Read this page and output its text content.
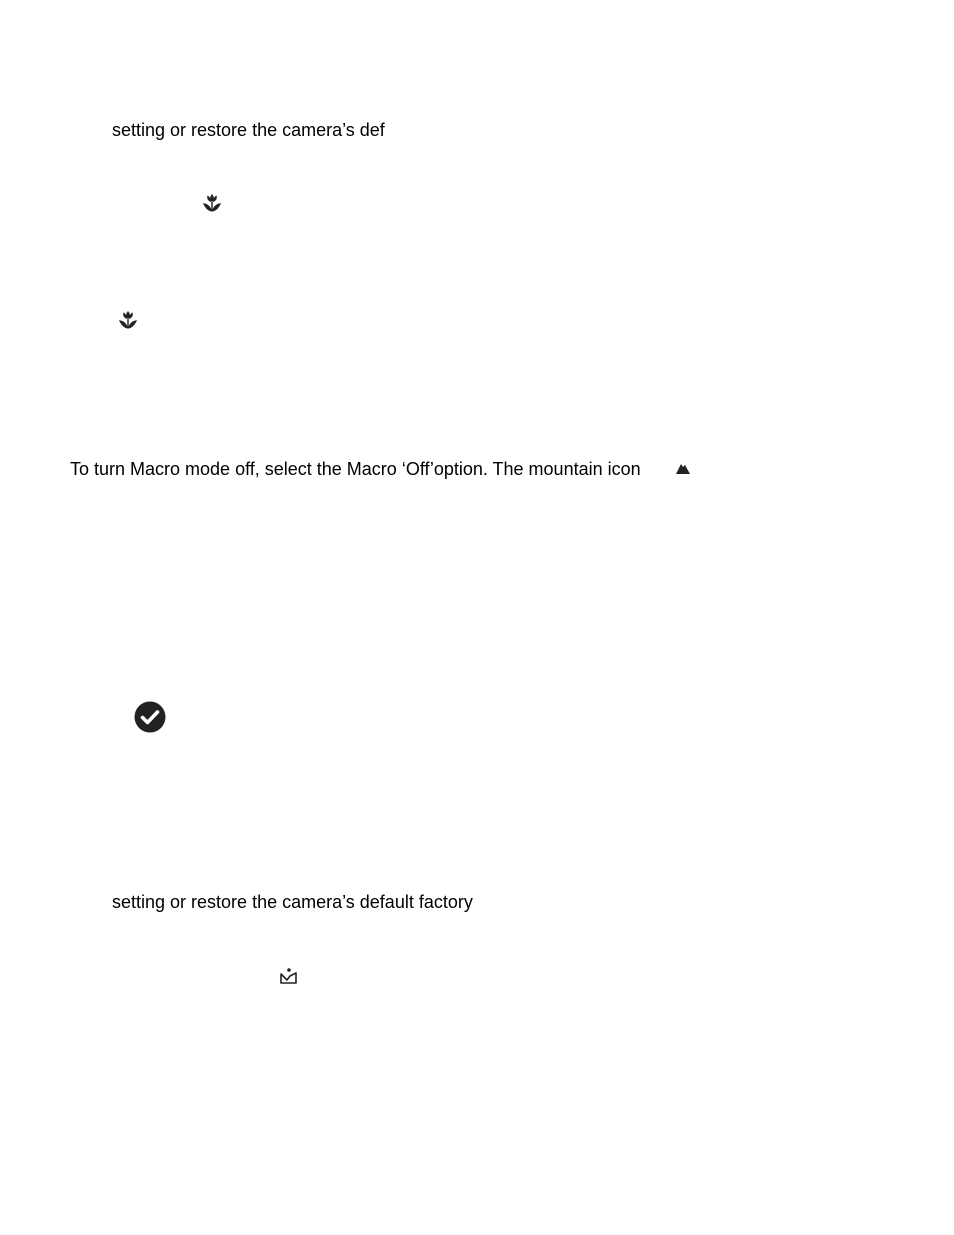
setting or restore the camera’s def
To turn Macro mode off, select the Macro ‘Off’option. The mountain icon
setting or restore the camera’s default factory
